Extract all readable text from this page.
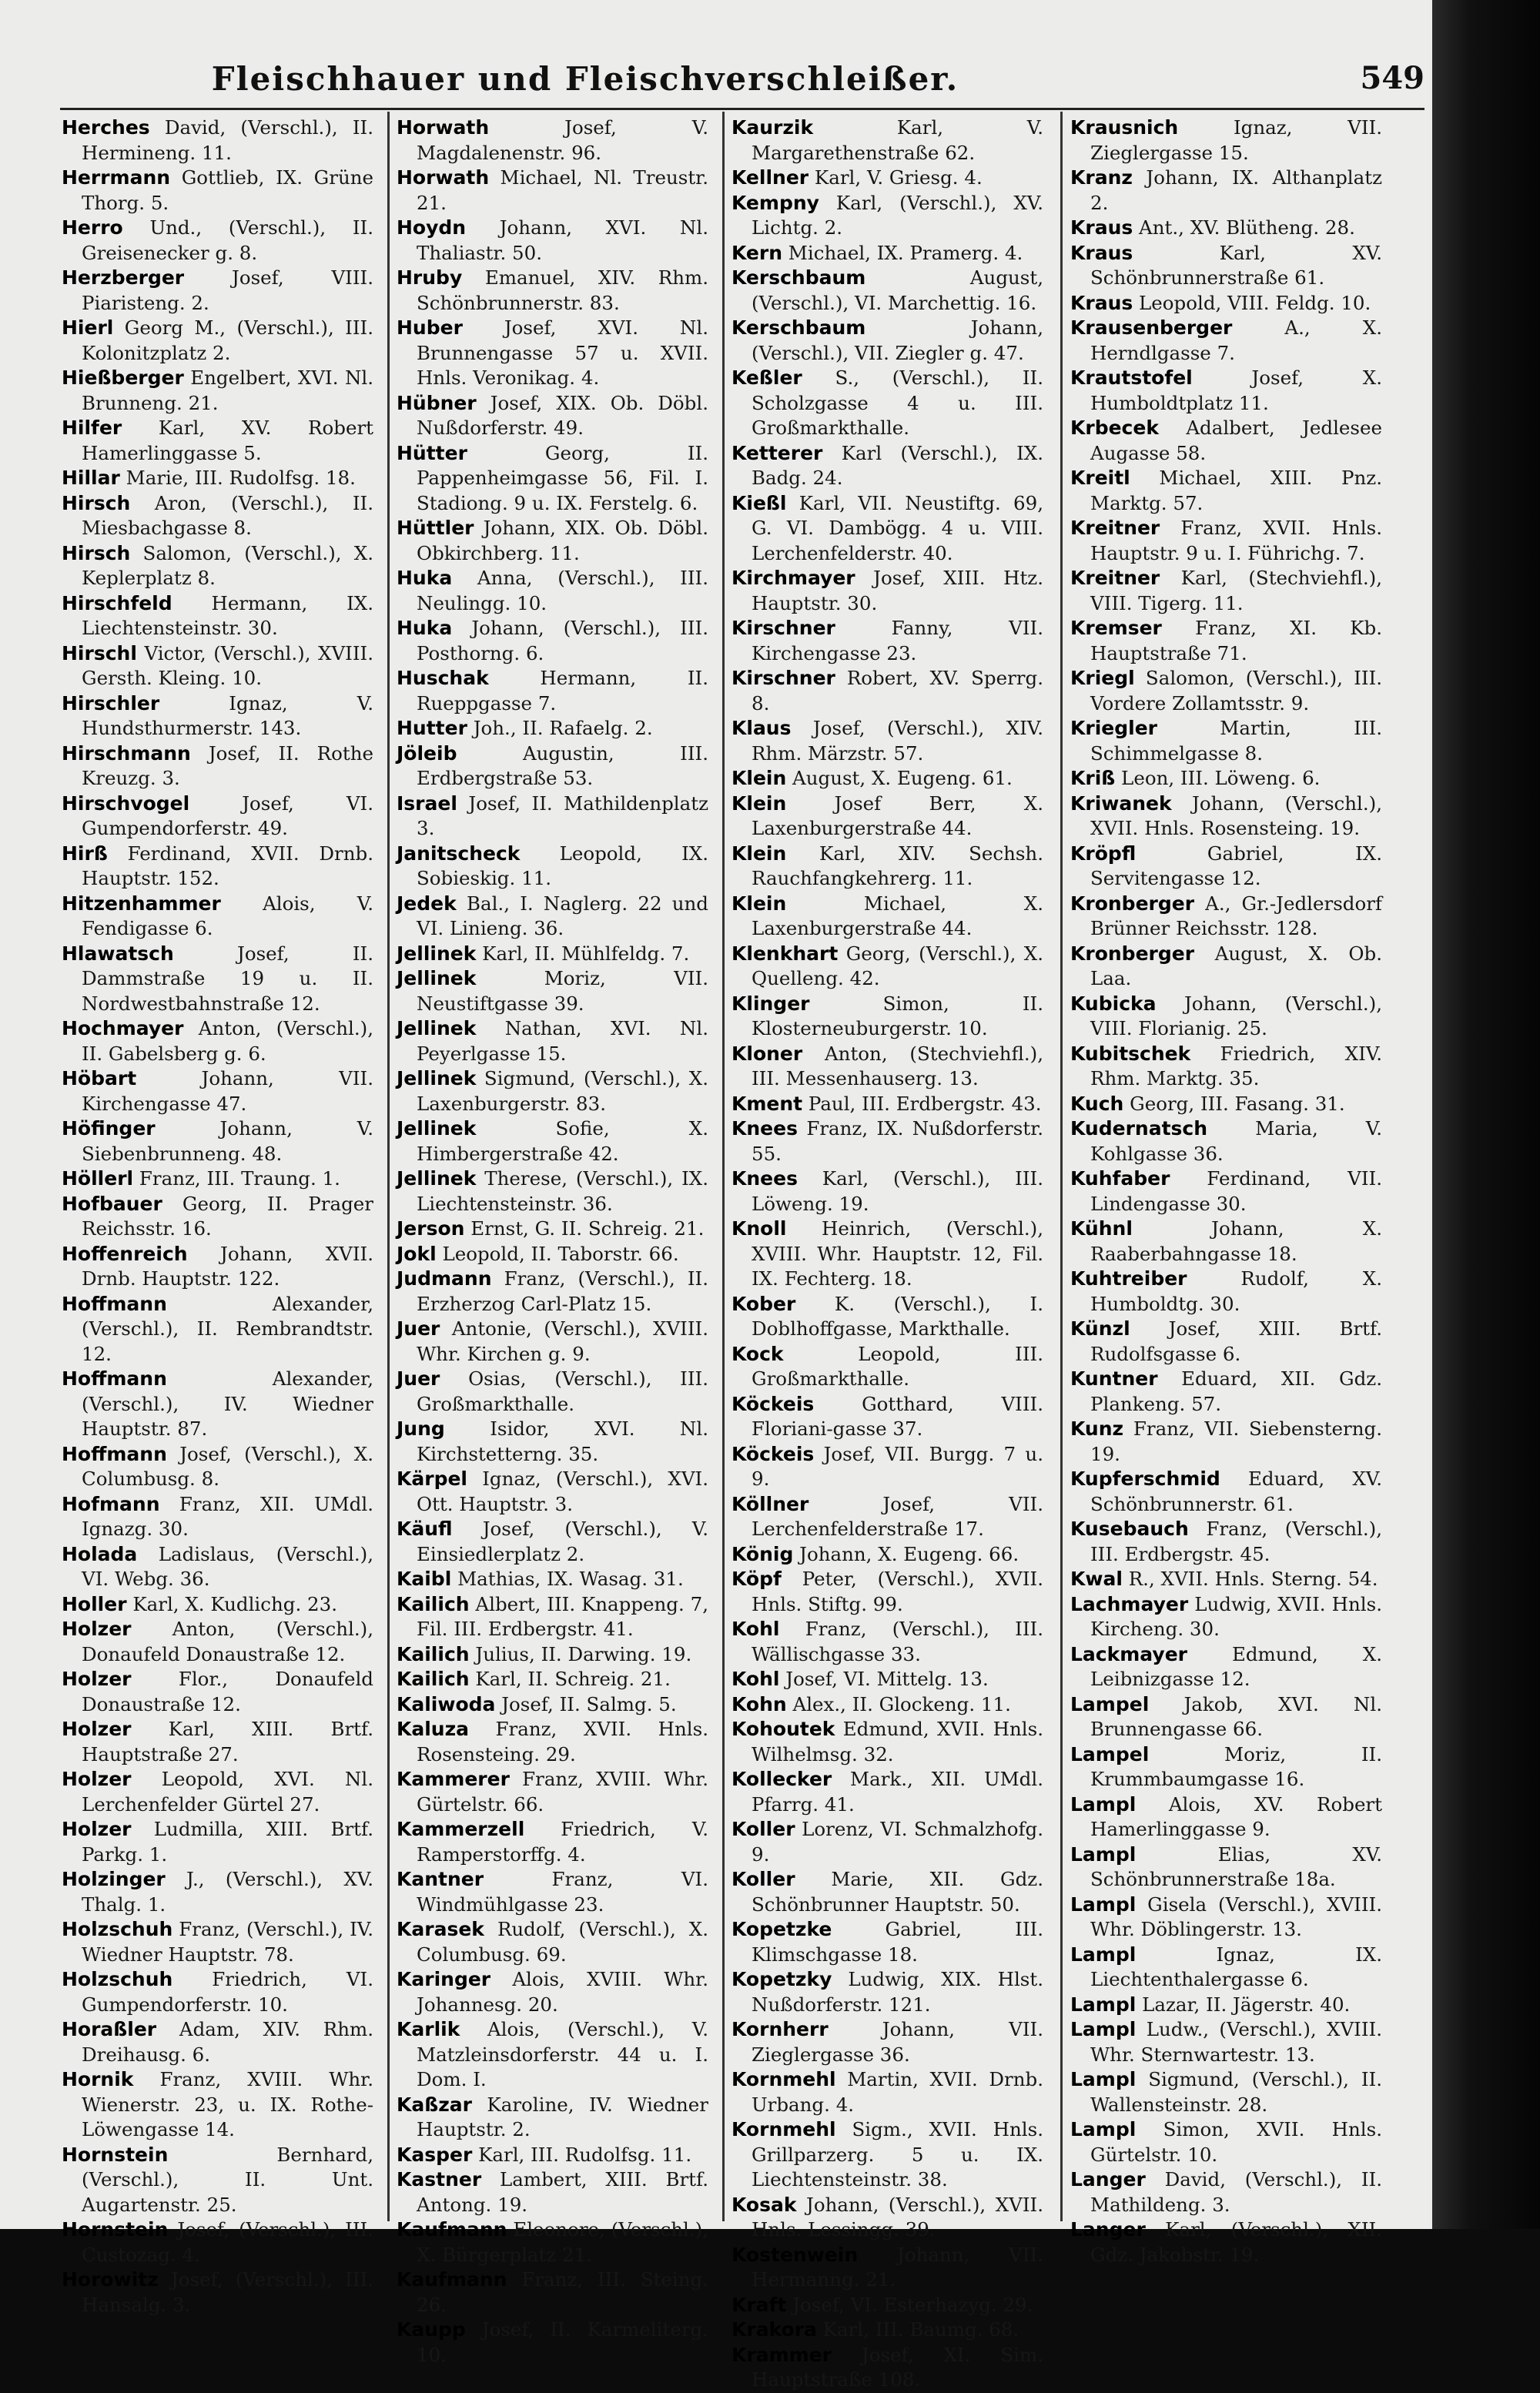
Fleischhauer und Fleischverschleißer.	549
Herches David, (Verschl.), II. Hermineng. 11.
Herrmann Gottlieb, IX. Grüne Thorg. 5.
Herro Und., (Verschl.), II. Greisenecker g. 8.
Herzberger Josef, VIII. Piaristeng. 2.
Hierl Georg M., (Verschl.), III. Kolonitzplatz 2.
Hießberger Engelbert, XVI. Nl. Brunneng. 21.
Hilfer Karl, XV. Robert Hamerlinggasse 5.
Hillar Marie, III. Rudolfsg. 18.
Hirsch Aron, (Verschl.), II. Miesbachgasse 8.
Hirsch Salomon, (Verschl.), X. Keplerplatz 8.
Hirschfeld Hermann, IX. Liechtensteinstr. 30.
Hirschl Victor, (Verschl.), XVIII. Gersth. Kleing. 10.
Hirschler Ignaz, V. Hundsthurmerstr. 143.
Hirschmann Josef, II. Rothe Kreuzg. 3.
Hirschvogel Josef, VI. Gumpendorferstr. 49.
Hirß Ferdinand, XVII. Drnb. Hauptstr. 152.
Hitzenhammer Alois, V. Fendigasse 6.
Hlawatsch Josef, II. Dammstraße 19 u. II. Nordwestbahnstraße 12.
Hochmayer Anton, (Verschl.), II. Gabelsberg g. 6.
Höbart Johann, VII. Kirchengasse 47.
Höfinger Johann, V. Siebenbrunneng. 48.
Höllerl Franz, III. Traung. 1.
Hofbauer Georg, II. Prager Reichsstr. 16.
Hoffenreich Johann, XVII. Drnb. Hauptstr. 122.
Hoffmann Alexander, (Verschl.), II. Rembrandtstr. 12.
Hoffmann Alexander, (Verschl.), IV. Wiedner Hauptstr. 87.
Hoffmann Josef, (Verschl.), X. Columbusg. 8.
Hofmann Franz, XII. UMdl. Ignazg. 30.
Holada Ladislaus, (Verschl.), VI. Webg. 36.
Holler Karl, X. Kudlichg. 23.
Holzer Anton, (Verschl.), Donaufeld Donaustraße 12.
Holzer Flor., Donaufeld Donaustraße 12.
Holzer Karl, XIII. Brtf. Hauptstraße 27.
Holzer Leopold, XVI. Nl. Lerchenfelder Gürtel 27.
Holzer Ludmilla, XIII. Brtf. Parkg. 1.
Holzinger J., (Verschl.), XV. Thalg. 1.
Holzschuh Franz, (Verschl.), IV. Wiedner Hauptstr. 78.
Holzschuh Friedrich, VI. Gumpendorferstr. 10.
Horaßler Adam, XIV. Rhm. Dreihausg. 6.
Hornik Franz, XVIII. Whr. Wienerstr. 23, u. IX. Rothe-Löwengasse 14.
Hornstein Bernhard, (Verschl.), II. Unt. Augartenstr. 25.
Hornstein Josef, (Verschl.), III. Custozag. 4.
Horowitz Josef, (Verschl.), III. Hansalg. 3.
Horwath Josef, V. Magdalenenstr. 96.
Horwath Michael, Nl. Treustr. 21.
Hoydn Johann, XVI. Nl. Thaliastr. 50.
Hruby Emanuel, XIV. Rhm. Schönbrunnerstr. 83.
Huber Josef, XVI. Nl. Brunnengasse 57 u. XVII. Hnls. Veronikag. 4.
Hübner Josef, XIX. Ob. Döbl. Nußdorferstr. 49.
Hütter Georg, II. Pappenheimgasse 56, Fil. I. Stadiong. 9 u. IX. Ferstelg. 6.
Hüttler Johann, XIX. Ob. Döbl. Obkirchberg. 11.
Huka Anna, (Verschl.), III. Neulingg. 10.
Huka Johann, (Verschl.), III. Posthorng. 6.
Huschak Hermann, II. Rueppgasse 7.
Hutter Joh., II. Rafaelg. 2.
Jöleib Augustin, III. Erdbergstraße 53.
Israel Josef, II. Mathildenplatz 3.
Janitscheck Leopold, IX. Sobieskig. 11.
Jedek Bal., I. Naglerg. 22 und VI. Linieng. 36.
Jellinek Karl, II. Mühlfeldg. 7.
Jellinek Moriz, VII. Neustiftgasse 39.
Jellinek Nathan, XVI. Nl. Peyerlgasse 15.
Jellinek Sigmund, (Verschl.), X. Laxenburgerstr. 83.
Jellinek Sofie, X. Himbergerstraße 42.
Jellinek Therese, (Verschl.), IX. Liechtensteinstr. 36.
Jerson Ernst, G. II. Schreig. 21.
Jokl Leopold, II. Taborstr. 66.
Judmann Franz, (Verschl.), II. Erzherzog Carl-Platz 15.
Juer Antonie, (Verschl.), XVIII. Whr. Kirchen g. 9.
Juer Osias, (Verschl.), III. Großmarkthalle.
Jung Isidor, XVI. Nl. Kirchstetterng. 35.
Kärpel Ignaz, (Verschl.), XVI. Ott. Hauptstr. 3.
Käufl Josef, (Verschl.), V. Einsiedlerplatz 2.
Kaibl Mathias, IX. Wasag. 31.
Kailich Albert, III. Knappeng. 7, Fil. III. Erdbergstr. 41.
Kailich Julius, II. Darwing. 19.
Kailich Karl, II. Schreig. 21.
Kaliwoda Josef, II. Salmg. 5.
Kaluza Franz, XVII. Hnls. Rosensteing. 29.
Kammerer Franz, XVIII. Whr. Gürtelstr. 66.
Kammerzell Friedrich, V. Ramperstorffg. 4.
Kantner Franz, VI. Windmühlgasse 23.
Karasek Rudolf, (Verschl.), X. Columbusg. 69.
Karinger Alois, XVIII. Whr. Johannesg. 20.
Karlik Alois, (Verschl.), V. Matzleinsdorferstr. 44 u. I. Dom. I.
Kaßzar Karoline, IV. Wiedner Hauptstr. 2.
Kasper Karl, III. Rudolfsg. 11.
Kastner Lambert, XIII. Brtf. Antong. 19.
Kaufmann Eleonore, (Verschl.), X. Bürgerplatz 21.
Kaufmann Franz, III. Steing. 26.
Kaupp Josef, II. Karmeliterg. 10.
Kaurzik Karl, V. Margarethenstraße 62.
Kellner Karl, V. Griesg. 4.
Kempny Karl, (Verschl.), XV. Lichtg. 2.
Kern Michael, IX. Pramerg. 4.
Kerschbaum August, (Verschl.), VI. Marchettig. 16.
Kerschbaum Johann, (Verschl.), VII. Ziegler g. 47.
Keßler S., (Verschl.), II. Scholzgasse 4 u. III. Großmarkthalle.
Ketterer Karl (Verschl.), IX. Badg. 24.
Kießl Karl, VII. Neustiftg. 69, G. VI. Dambögg. 4 u. VIII. Lerchenfelderstr. 40.
Kirchmayer Josef, XIII. Htz. Hauptstr. 30.
Kirschner Fanny, VII. Kirchengasse 23.
Kirschner Robert, XV. Sperrg. 8.
Klaus Josef, (Verschl.), XIV. Rhm. Märzstr. 57.
Klein August, X. Eugeng. 61.
Klein Josef Berr, X. Laxenburgerstraße 44.
Klein Karl, XIV. Sechsh. Rauchfangkehrerg. 11.
Klein Michael, X. Laxenburgerstraße 44.
Klenkhart Georg, (Verschl.), X. Quelleng. 42.
Klinger Simon, II. Klosterneuburgerstr. 10.
Kloner Anton, (Stechviehfl.), III. Messenhauserg. 13.
Kment Paul, III. Erdbergstr. 43.
Knees Franz, IX. Nußdorferstr. 55.
Knees Karl, (Verschl.), III. Löweng. 19.
Knoll Heinrich, (Verschl.), XVIII. Whr. Hauptstr. 12, Fil. IX. Fechterg. 18.
Kober K. (Verschl.), I. Doblhoffgasse, Markthalle.
Kock Leopold, III. Großmarkthalle.
Köckeis Gotthard, VIII. Floriani-gasse 37.
Köckeis Josef, VII. Burgg. 7 u. 9.
Köllner Josef, VII. Lerchenfelderstraße 17.
König Johann, X. Eugeng. 66.
Köpf Peter, (Verschl.), XVII. Hnls. Stiftg. 99.
Kohl Franz, (Verschl.), III. Wällischgasse 33.
Kohl Josef, VI. Mittelg. 13.
Kohn Alex., II. Glockeng. 11.
Kohoutek Edmund, XVII. Hnls. Wilhelmsg. 32.
Kollecker Mark., XII. UMdl. Pfarrg. 41.
Koller Lorenz, VI. Schmalzhofg. 9.
Koller Marie, XII. Gdz. Schönbrunner Hauptstr. 50.
Kopetzke Gabriel, III. Klimschgasse 18.
Kopetzky Ludwig, XIX. Hlst. Nußdorferstr. 121.
Kornherr Johann, VII. Zieglergasse 36.
Kornmehl Martin, XVII. Drnb. Urbang. 4.
Kornmehl Sigm., XVII. Hnls. Grillparzerg. 5 u. IX. Liechtensteinstr. 38.
Kosak Johann, (Verschl.), XVII. Hnls. Lessingg. 39.
Kostenwein Johann, VII. Hermanng. 21.
Kraft Josef, VI. Esterhazyg. 29.
Krakora Karl, III. Baumg. 68.
Krammer Josef, XI. Sim. Hauptstraße 108.
Krausnich Ignaz, VII. Zieglergasse 15.
Kranz Johann, IX. Althanplatz 2.
Kraus Ant., XV. Blütheng. 28.
Kraus Karl, XV. Schönbrunnerstraße 61.
Kraus Leopold, VIII. Feldg. 10.
Krausenberger A., X. Herndlgasse 7.
Krautstofel Josef, X. Humboldtplatz 11.
Krbecek Adalbert, Jedlesee Augasse 58.
Kreitl Michael, XIII. Pnz. Marktg. 57.
Kreitner Franz, XVII. Hnls. Hauptstr. 9 u. I. Führichg. 7.
Kreitner Karl, (Stechviehfl.), VIII. Tigerg. 11.
Kremser Franz, XI. Kb. Hauptstraße 71.
Kriegl Salomon, (Verschl.), III. Vordere Zollamtsstr. 9.
Kriegler Martin, III. Schimmelgasse 8.
Kriß Leon, III. Löweng. 6.
Kriwanek Johann, (Verschl.), XVII. Hnls. Rosensteing. 19.
Kröpfl Gabriel, IX. Servitengasse 12.
Kronberger A., Gr.-Jedlersdorf Brünner Reichsstr. 128.
Kronberger August, X. Ob. Laa.
Kubicka Johann, (Verschl.), VIII. Florianig. 25.
Kubitschek Friedrich, XIV. Rhm. Marktg. 35.
Kuch Georg, III. Fasang. 31.
Kudernatsch Maria, V. Kohlgasse 36.
Kuhfaber Ferdinand, VII. Lindengasse 30.
Kühnl Johann, X. Raaberbahngasse 18.
Kuhtreiber Rudolf, X. Humboldtg. 30.
Künzl Josef, XIII. Brtf. Rudolfsgasse 6.
Kuntner Eduard, XII. Gdz. Plankeng. 57.
Kunz Franz, VII. Siebensterng. 19.
Kupferschmid Eduard, XV. Schönbrunnerstr. 61.
Kusebauch Franz, (Verschl.), III. Erdbergstr. 45.
Kwal R., XVII. Hnls. Sterng. 54.
Lachmayer Ludwig, XVII. Hnls. Kircheng. 30.
Lackmayer Edmund, X. Leibnizgasse 12.
Lampel Jakob, XVI. Nl. Brunnengasse 66.
Lampel Moriz, II. Krummbaumgasse 16.
Lampl Alois, XV. Robert Hamerlinggasse 9.
Lampl Elias, XV. Schönbrunnerstraße 18a.
Lampl Gisela (Verschl.), XVIII. Whr. Döblingerstr. 13.
Lampl Ignaz, IX. Liechtenthalergasse 6.
Lampl Lazar, II. Jägerstr. 40.
Lampl Ludw., (Verschl.), XVIII. Whr. Sternwartestr. 13.
Lampl Sigmund, (Verschl.), II. Wallensteinstr. 28.
Lampl Simon, XVII. Hnls. Gürtelstr. 10.
Langer David, (Verschl.), II. Mathildeng. 3.
Langer Karl, (Verschl.), XII. Gdz. Jakobstr. 19.
